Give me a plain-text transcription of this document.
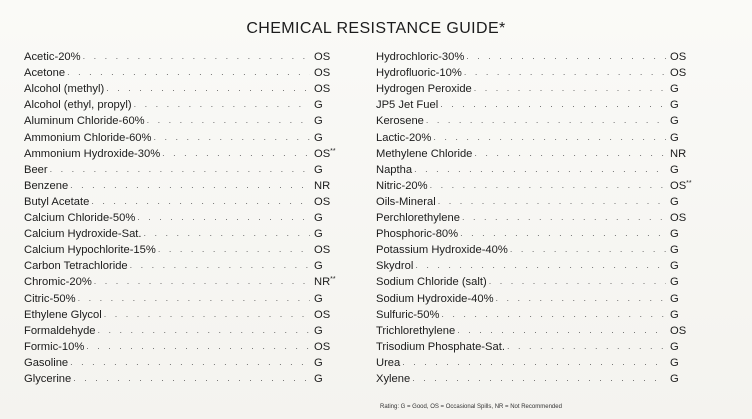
CHEMICAL RESISTANCE GUIDE*
Acetic-20% . . .	OS
Acetone . . .	OS
Alcohol (methyl) . . .	OS
Alcohol (ethyl, propyl) . . .	G
Aluminum Chloride-60% . . .	G
Ammonium Chloride-60% . . .	G
Ammonium Hydroxide-30% . . .	OS**
Beer . . .	G
Benzene . . .	NR
Butyl Acetate . . .	OS
Calcium Chloride-50% . . .	G
Calcium Hydroxide-Sat. . . .	G
Calcium Hypochlorite-15% . . .	OS
Carbon Tetrachloride . . .	G
Chromic-20% . . .	NR**
Citric-50% . . .	G
Ethylene Glycol . . .	OS
Formaldehyde . . .	G
Formic-10% . . .	OS
Gasoline . . .	G
Glycerine . . .	G
Hydrochloric-30% . . .	OS
Hydrofluoric-10% . . .	OS
Hydrogen Peroxide . . .	G
JP5 Jet Fuel . . .	G
Kerosene . . .	G
Lactic-20% . . .	G
Methylene Chloride . . .	NR
Naptha . . .	G
Nitric-20% . . .	OS**
Oils-Mineral . . .	G
Perchlorethylene . . .	OS
Phosphoric-80% . . .	G
Potassium Hydroxide-40% . . .	G
Skydrol . . .	G
Sodium Chloride (salt) . . .	G
Sodium Hydroxide-40% . . .	G
Sulfuric-50% . . .	G
Trichlorethylene . . .	OS
Trisodium Phosphate-Sat. . . .	G
Urea . . .	G
Xylene . . .	G
Rating: G = Good, OS = Occasional Spills, NR = Not Recommended
